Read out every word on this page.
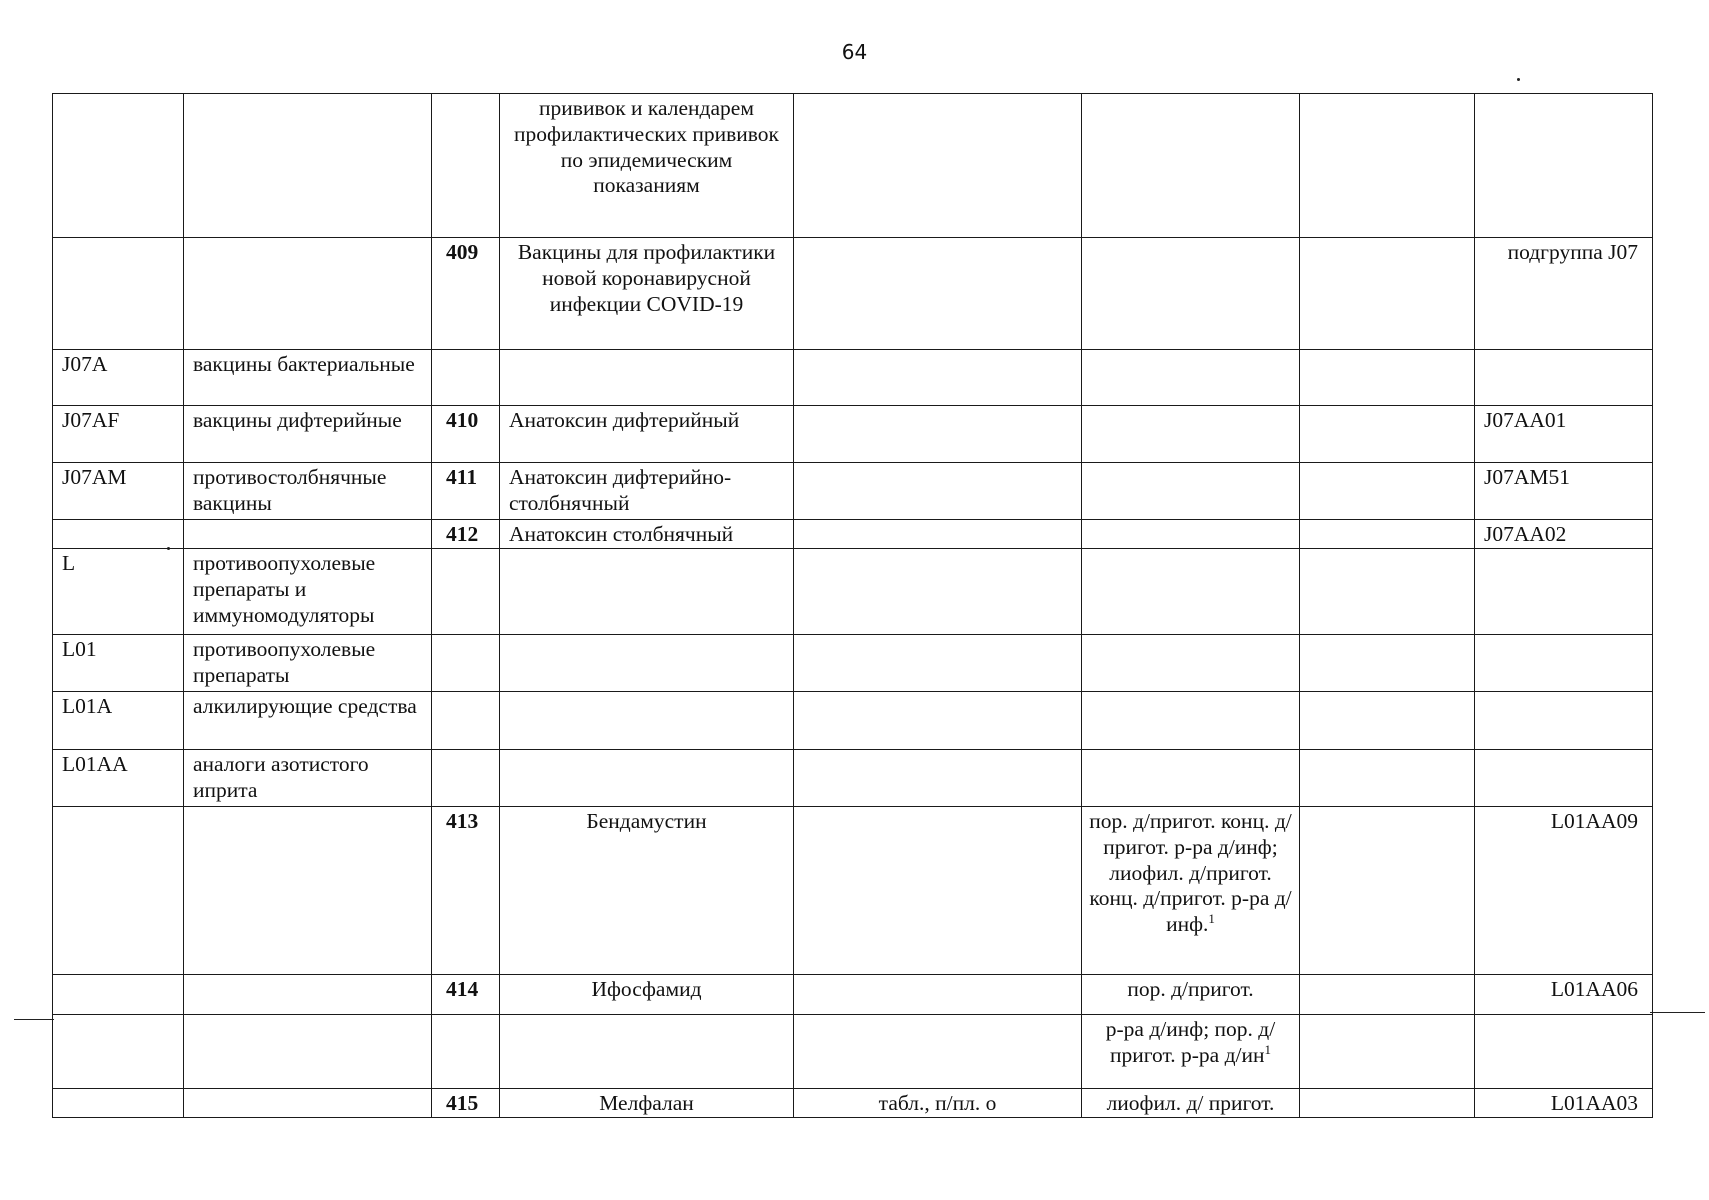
64
			прививок и календарем профилактических прививок по эпидемическим показаниям				
		409	Вакцины для профилактики новой коронавирусной инфекции COVID-19				подгруппа J07
J07A	вакцины бактериальные						
J07AF	вакцины дифтерийные	410	Анатоксин дифтерийный				J07AA01
J07AM	противостолбнячные вакцины	411	Анатоксин дифтерийно-столбнячный				J07AM51
		412	Анатоксин столбнячный				J07AA02
L	противоопухолевые препараты и иммуномодуляторы						
L01	противоопухолевые препараты						
L01A	алкилирующие средства						
L01AA	аналоги азотистого иприта						
		413	Бендамустин		пор. д/пригот. конц. д/пригот. р-ра д/инф; лиофил. д/пригот. конц. д/пригот. р-ра д/инф.$^1$		L01AA09
		414	Ифосфамид		пор. д/пригот.		L01AA06
					р-ра д/инф; пор. д/пригот. р-ра $д/ин^1$		
		415	Мелфалан	табл., п/пл. о	лиофил. д/ пригот.		L01AA03
